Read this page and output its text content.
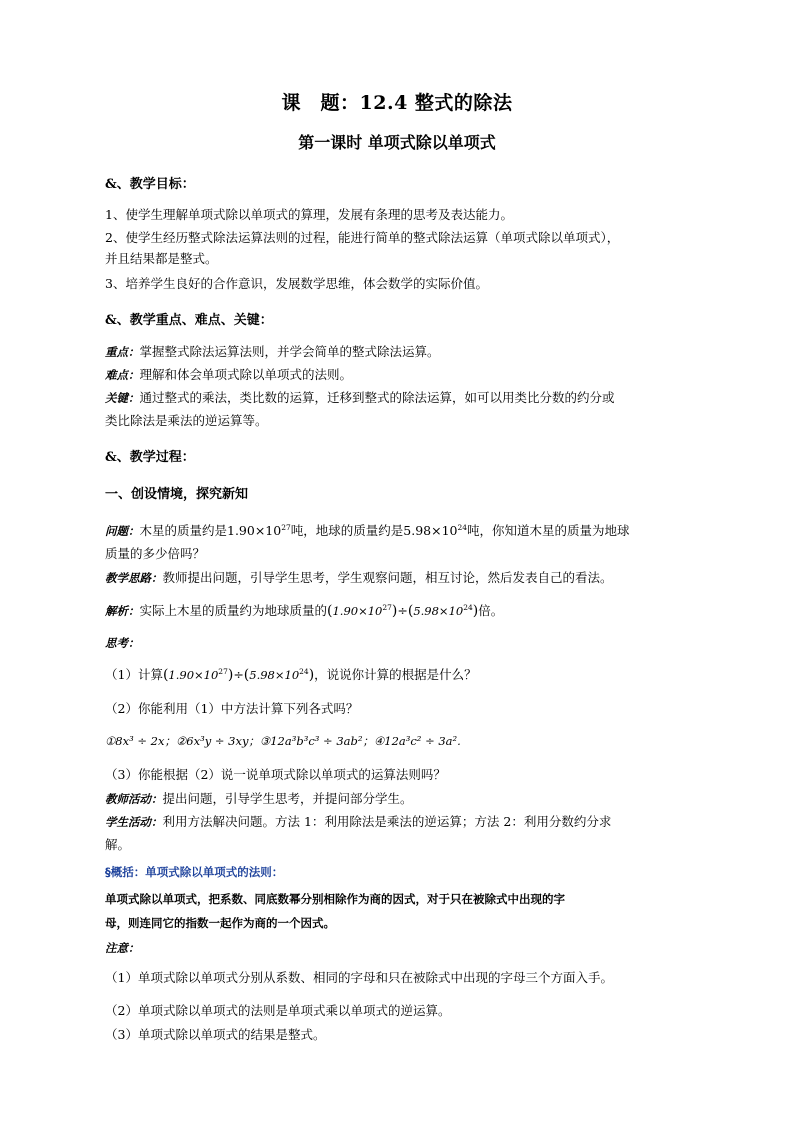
课　题：12.4 整式的除法
第一课时 单项式除以单项式
&、教学目标：
1、使学生理解单项式除以单项式的算理，发展有条理的思考及表达能力。
2、使学生经历整式除法运算法则的过程，能进行简单的整式除法运算（单项式除以单项式），
并且结果都是整式。
3、培养学生良好的合作意识，发展数学思维，体会数学的实际价值。
&、教学重点、难点、关键：
重点：掌握整式除法运算法则，并学会简单的整式除法运算。
难点：理解和体会单项式除以单项式的法则。
关键：通过整式的乘法，类比数的运算，迁移到整式的除法运算，如可以用类比分数的约分或
类比除法是乘法的逆运算等。
&、教学过程：
一、创设情境，探究新知
问题：木星的质量约是$1.90\times 10^{27}$吨，地球的质量约是$5.98\times 10^{24}$吨，你知道木星的质量为地球
质量的多少倍吗？
教学思路：教师提出问题，引导学生思考，学生观察问题，相互讨论，然后发表自己的看法。
解析：实际上木星的质量约为地球质量的$(1.90\times 10^{27})\div(5.98\times 10^{24})$倍。
思考：
（1）计算$(1.90\times 10^{27})\div(5.98\times 10^{24})$，说说你计算的根据是什么？
（2）你能利用（1）中方法计算下列各式吗？
①8x³ ÷ 2x；②6x³y ÷ 3xy；③12a³b³c³ ÷ 3ab²；④12a³c² ÷ 3a².
（3）你能根据（2）说一说单项式除以单项式的运算法则吗？
教师活动：提出问题，引导学生思考，并提问部分学生。
学生活动：利用方法解决问题。方法 1：利用除法是乘法的逆运算；方法 2：利用分数约分求
解。
§概括：单项式除以单项式的法则：
单项式除以单项式，把系数、同底数幂分别相除作为商的因式，对于只在被除式中出现的字
母，则连同它的指数一起作为商的一个因式。
注意：
（1）单项式除以单项式分别从系数、相同的字母和只在被除式中出现的字母三个方面入手。
（2）单项式除以单项式的法则是单项式乘以单项式的逆运算。
（3）单项式除以单项式的结果是整式。
